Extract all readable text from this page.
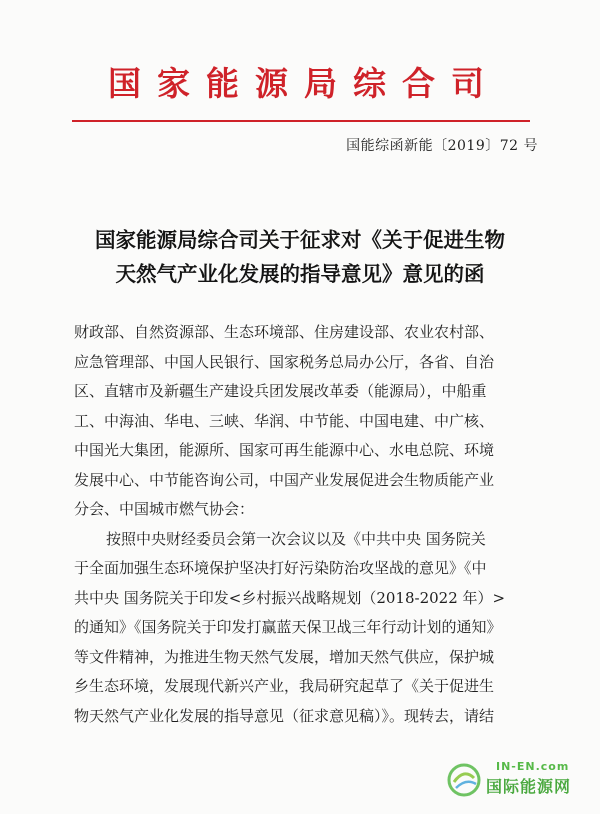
国家能源局综合司
国能综函新能〔2019〕72 号
国家能源局综合司关于征求对《关于促进生物
天然气产业化发展的指导意见》意见的函
财政部、自然资源部、生态环境部、住房建设部、农业农村部、
应急管理部、中国人民银行、国家税务总局办公厅，各省、自治
区、直辖市及新疆生产建设兵团发展改革委（能源局），中船重
工、中海油、华电、三峡、华润、中节能、中国电建、中广核、
中国光大集团，能源所、国家可再生能源中心、水电总院、环境
发展中心、中节能咨询公司，中国产业发展促进会生物质能产业
分会、中国城市燃气协会：
按照中央财经委员会第一次会议以及《中共中央 国务院关
于全面加强生态环境保护坚决打好污染防治攻坚战的意见》《中
共中央 国务院关于印发<乡村振兴战略规划（2018-2022 年）>
的通知》《国务院关于印发打赢蓝天保卫战三年行动计划的通知》
等文件精神，为推进生物天然气发展，增加天然气供应，保护城
乡生态环境，发展现代新兴产业，我局研究起草了《关于促进生
物天然气产业化发展的指导意见（征求意见稿）》。现转去，请结
IN-EN.com
国际能源网
